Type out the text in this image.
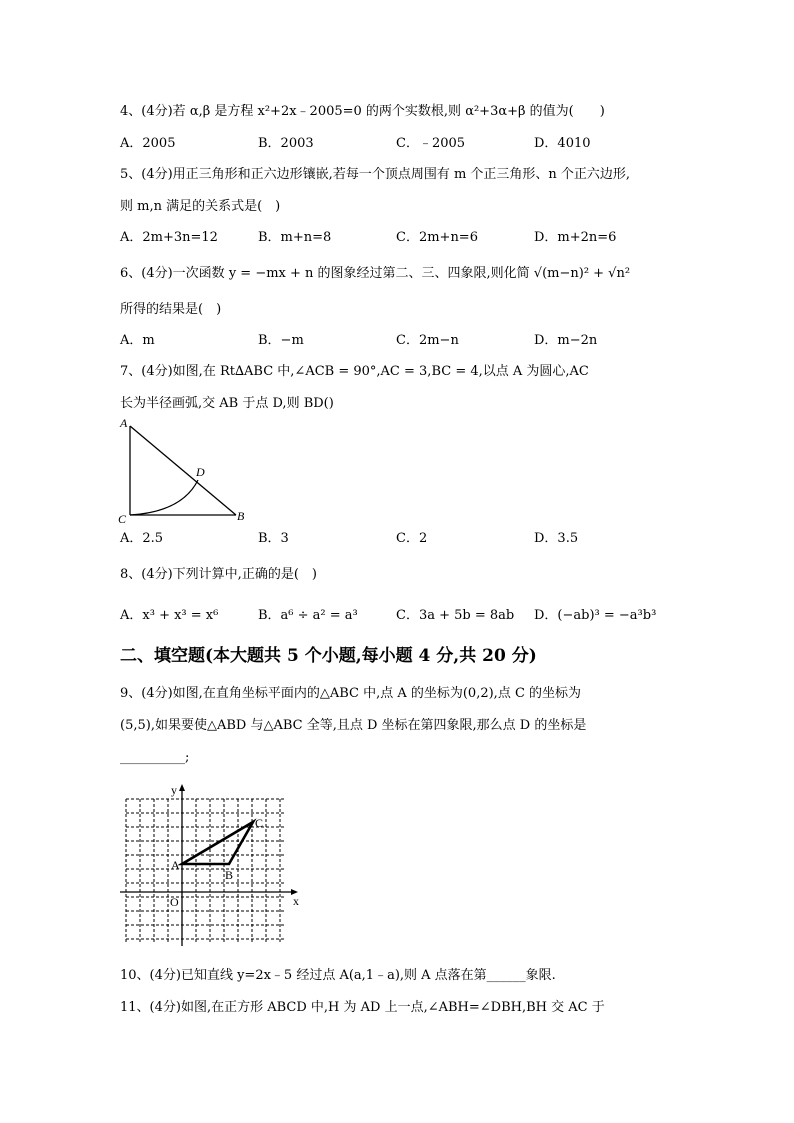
4、(4分)若 α,β 是方程 x²+2x﹣2005=0 的两个实数根,则 α²+3α+β 的值为(　　)
A．2005	B．2003	C．﹣2005	D．4010
5、(4分)用正三角形和正六边形镶嵌,若每一个顶点周围有 m 个正三角形、n 个正六边形,
则 m,n 满足的关系式是(　)
A．2m+3n=12	B．m+n=8	C．2m+n=6	D．m+2n=6
6、(4分)一次函数 y = −mx + n 的图象经过第二、三、四象限,则化简 √(m−n)² + √n²
所得的结果是(　)
A．m	B．−m	C．2m−n	D．m−2n
7、(4分)如图,在 Rt∆ABC 中,∠ACB = 90°,AC = 3,BC = 4,以点 A 为圆心,AC
长为半径画弧,交 AB 于点 D,则 BD()
A
D
C	B
A．2.5	B．3	C．2	D．3.5
8、(4分)下列计算中,正确的是(　)
A．x³ + x³ = x⁶	B．a⁶ ÷ a² = a³	C．3a + 5b = 8ab D．(−ab)³ = −a³b³
二、填空题(本大题共 5 个小题,每小题 4 分,共 20 分)
9、(4分)如图,在直角坐标平面内的△ABC 中,点 A 的坐标为(0,2),点 C 的坐标为
(5,5),如果要使△ABD 与△ABC 全等,且点 D 坐标在第四象限,那么点 D 的坐标是
__________;
y
x
O
A
B
C
10、(4分)已知直线 y=2x﹣5 经过点 A(a,1﹣a),则 A 点落在第______象限.
11、(4分)如图,在正方形 ABCD 中,H 为 AD 上一点,∠ABH=∠DBH,BH 交 AC 于
